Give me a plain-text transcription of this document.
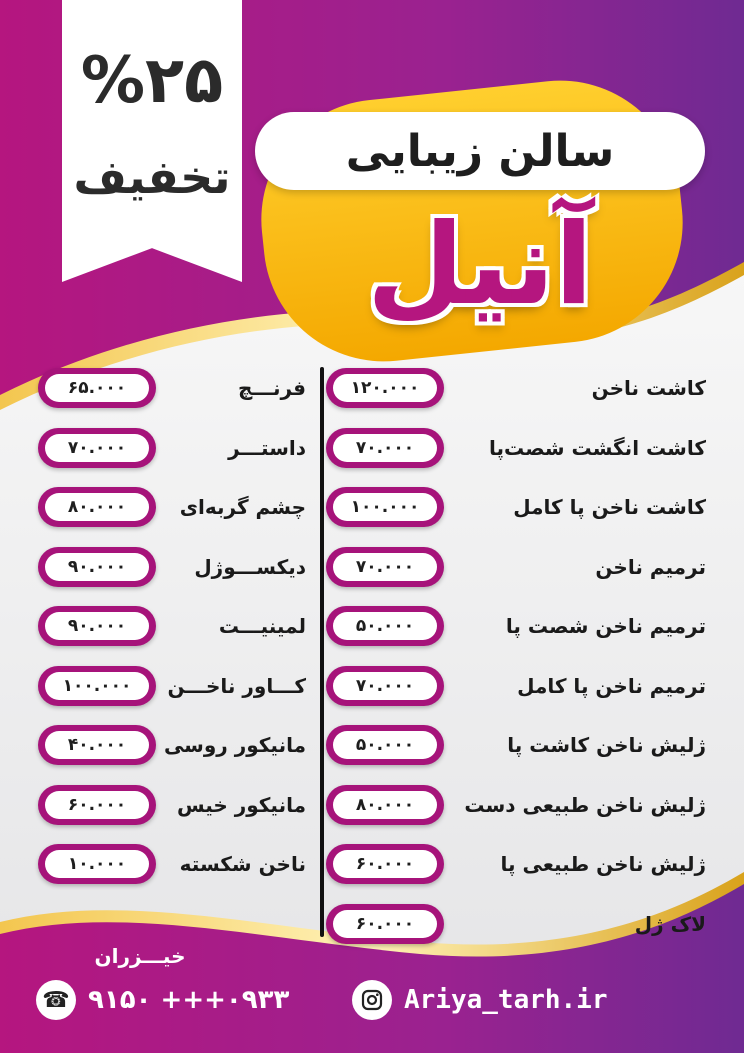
%۲۵
تخفیف	سالن زیبایی
آنیل
۱۲۰.۰۰۰	کاشت ناخن
۷۰.۰۰۰	کاشت انگشت شصت‌پا
۱۰۰.۰۰۰	کاشت ناخن پا کامل
۷۰.۰۰۰	ترمیم ناخن
۵۰.۰۰۰	ترمیم ناخن شصت پا
۷۰.۰۰۰	ترمیم ناخن پا کامل
۵۰.۰۰۰	ژلیش ناخن کاشت پا
۸۰.۰۰۰	ژلیش ناخن طبیعی دست
۶۰.۰۰۰	ژلیش ناخن طبیعی پا
۶۰.۰۰۰	لاک ژل
۶۵.۰۰۰	فرنـــچ
۷۰.۰۰۰	داستـــر
۸۰.۰۰۰	چشم گربه‌ای
۹۰.۰۰۰	دیکســـوژل
۹۰.۰۰۰	لمینیـــت
۱۰۰.۰۰۰	کـــاور ناخـــن
۴۰.۰۰۰	مانیکور روسی
۶۰.۰۰۰	مانیکور خیس
۱۰.۰۰۰	ناخن شکسته
خیـــزران
☎ ۹۱۵۰ +++۰۹۳۳	Ariya_tarh.ir
